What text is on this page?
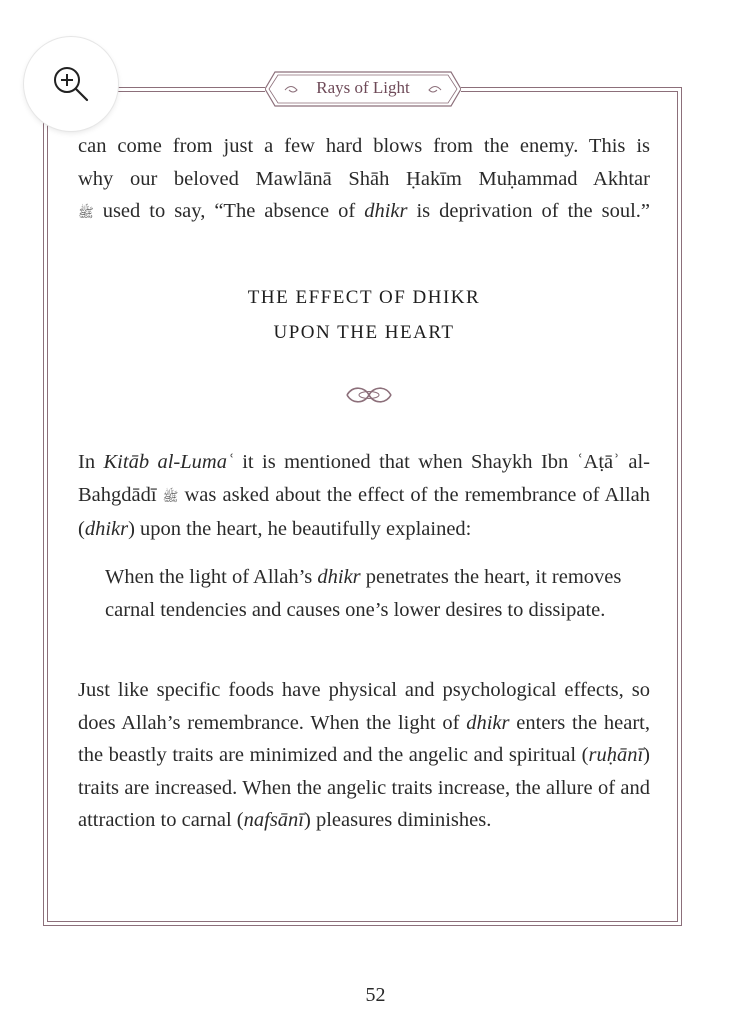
Rays of Light
can come from just a few hard blows from the enemy. This is
why our beloved Mawlānā Shāh Ḥakīm Muḥammad Akhtar
ﷺ used to say, “The absence of dhikr is deprivation of the soul.”
THE EFFECT OF DHIKR
UPON THE HEART

In Kitāb al-Lumaʿ it is mentioned that when Shaykh Ibn ʿAṭāʾ al-Bahgdādī ﷺ was asked about the effect of the remembrance of Allah (dhikr) upon the heart, he beautifully explained:

When the light of Allah’s dhikr penetrates the heart, it removes carnal tendencies and causes one’s lower desires to dissipate.

Just like specific foods have physical and psychological effects, so does Allah’s remembrance. When the light of dhikr enters the heart, the beastly traits are minimized and the angelic and spiritual (ruḥānī) traits are increased. When the angelic traits increase, the allure of and attraction to carnal (nafsānī) pleasures diminishes.

52
